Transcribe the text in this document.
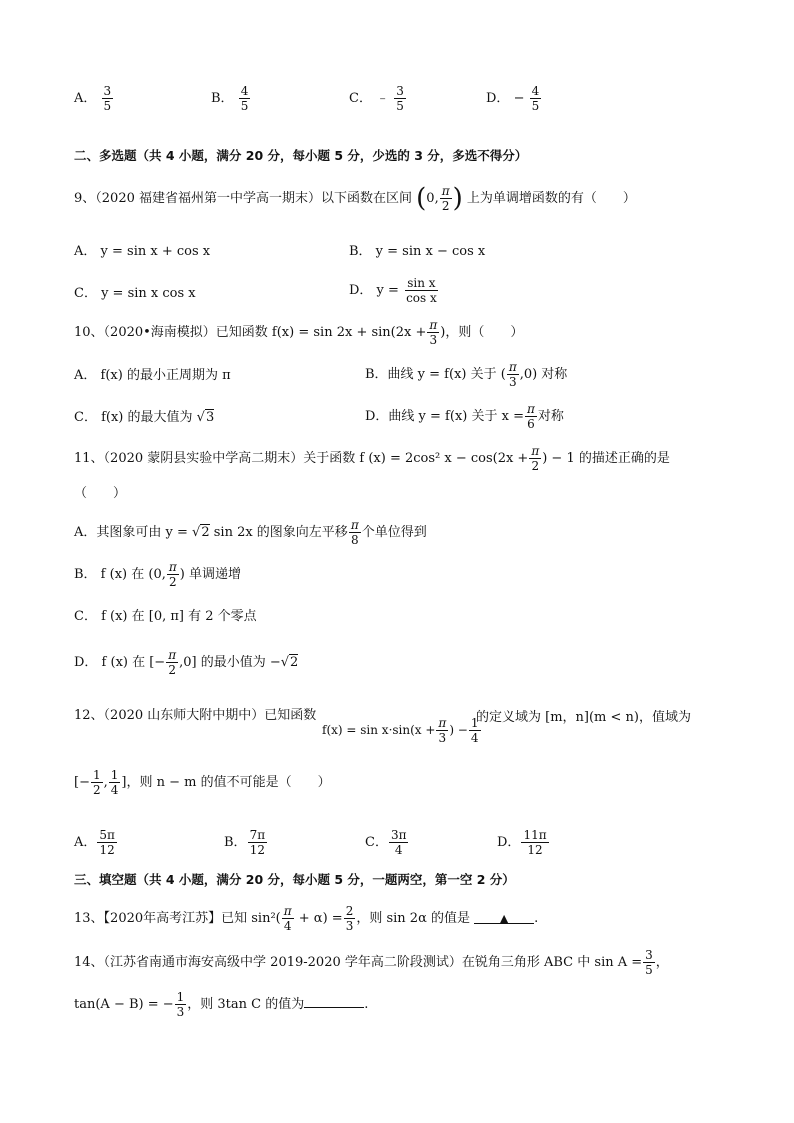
A． $\frac{3}{5}$	B． $\frac{4}{5}$	C． ﹣ $\frac{3}{5}$	D． − $\frac{4}{5}$
二、多选题（共 4 小题，满分 20 分，每小题 5 分，少选的 3 分，多选不得分）
9、（2020 福建省福州第一中学高一期末）以下函数在区间 (0, $\frac{\pi}{2}$ ) 上为单调增函数的有（　　）
A． y = sin x + cos x	B． y = sin x − cos x
C． y = sin x cos x	D． $y = \frac{\text{sin x}}{\text{cos x}}$
10、（2020•海南模拟）已知函数 $f(x) = \sin 2x + \sin(2x + \frac{\pi}{3}$ )，则（　　）
A． f(x) 的最小正周期为 π	B．曲线 y = f(x) 关于 ( $\frac{\pi}{3} ,0$) 对称
C． f(x) 的最大值为 √3	D．曲线 y = f(x) 关于 $x = \frac{\pi}{6}$ 对称
11、（2020 蒙阴县实验中学高二期末）关于函数 f (x) = 2cos² $x - \cos(2x + \frac{\pi}{2}$ ) − 1 的描述正确的是
（　　）
A．其图象可由 y = √2 sin 2x 的图象向左平移 $\frac{\pi}{8}$ 个单位得到
B． f (x) 在 (0, $\frac{\pi}{2}$ ) 单调递增
C． f (x) 在 [0, π] 有 2 个零点
D． f (x) 在 [− $\frac{\pi}{2} ,0$] 的最小值为 −√2
12、（2020 山东师大附中期中）已知函数
$f(x) = \sin x\cdot\sin(x + \frac{\pi}{3}$ ) − $\frac{1}{4}$
的定义域为 [m，n](m < n)，值域为
[− $\frac{1}{2}$ , $\frac{1}{4}$ ]，则 n − m 的值不可能是（　　）
A． $\frac{5\pi}{12}$	B． $\frac{7\pi}{12}$	C． $\frac{3\pi}{4}$	D． $\frac{11\pi}{12}$
三、填空题（共 4 小题，满分 20 分，每小题 5 分，一题两空，第一空 2 分）
13、【2020年高考江苏】已知 $\sin^2( \frac{\pi}{4} + \alpha) = \frac{2}{3}$ ，则 sin 2α 的值是	▲ .
14、（江苏省南通市海安高级中学 2019-2020 学年高二阶段测试）在锐角三角形 ABC 中 $\sin A = \frac{3}{5}$ ，
tan(A − B) = − $\frac{1}{3}$ ，则 3tan C 的值为	.
